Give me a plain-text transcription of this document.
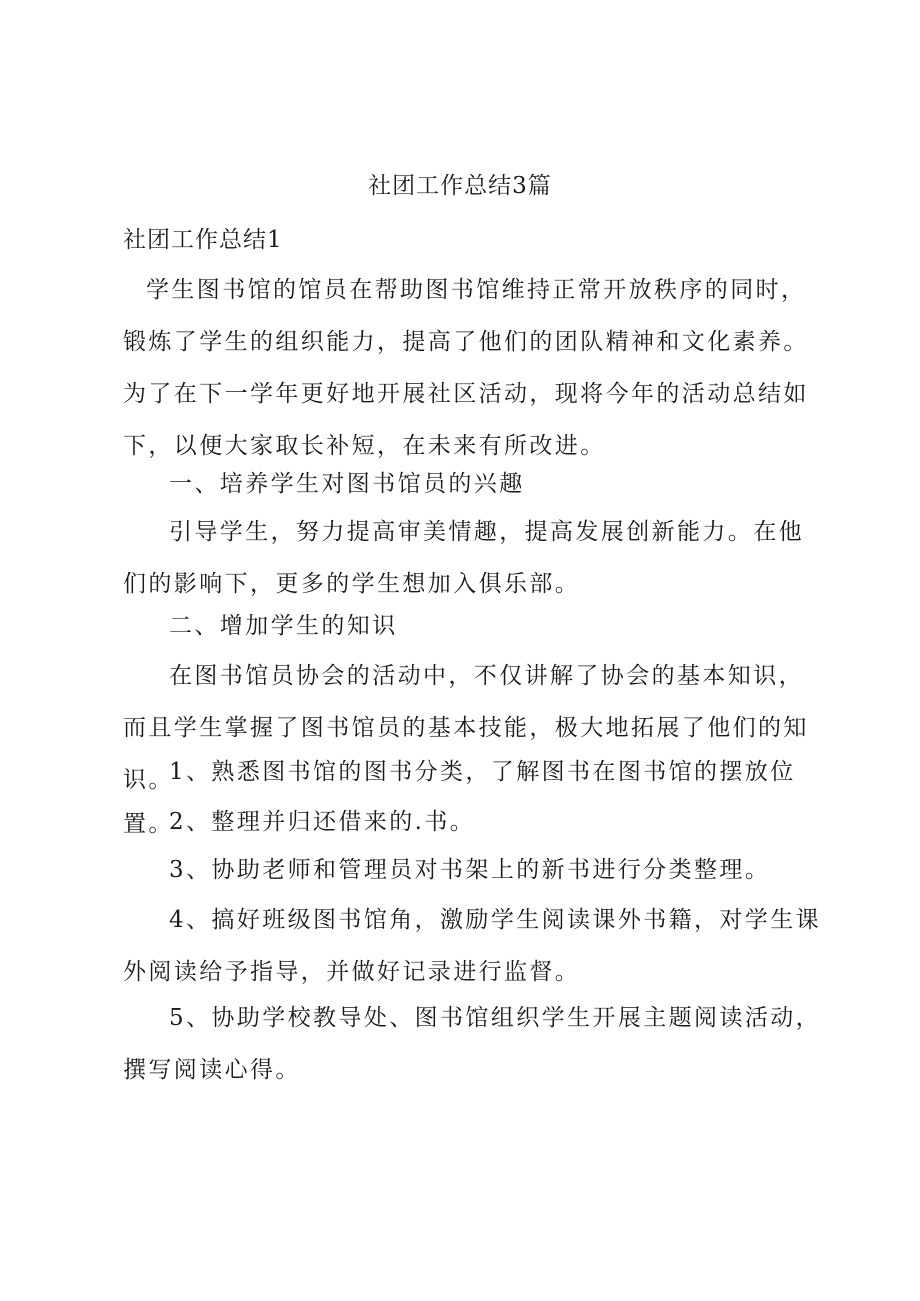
社团工作总结3篇
社团工作总结1
学生图书馆的馆员在帮助图书馆维持正常开放秩序的同时，锻炼了学生的组织能力，提高了他们的团队精神和文化素养。为了在下一学年更好地开展社区活动，现将今年的活动总结如下，以便大家取长补短，在未来有所改进。
一、培养学生对图书馆员的兴趣
引导学生，努力提高审美情趣，提高发展创新能力。在他们的影响下，更多的学生想加入俱乐部。
二、增加学生的知识
在图书馆员协会的活动中，不仅讲解了协会的基本知识，而且学生掌握了图书馆员的基本技能，极大地拓展了他们的知识。
1、熟悉图书馆的图书分类，了解图书在图书馆的摆放位置。
2、整理并归还借来的.书。
3、协助老师和管理员对书架上的新书进行分类整理。
4、搞好班级图书馆角，激励学生阅读课外书籍，对学生课外阅读给予指导，并做好记录进行监督。
5、协助学校教导处、图书馆组织学生开展主题阅读活动，
撰写阅读心得。
